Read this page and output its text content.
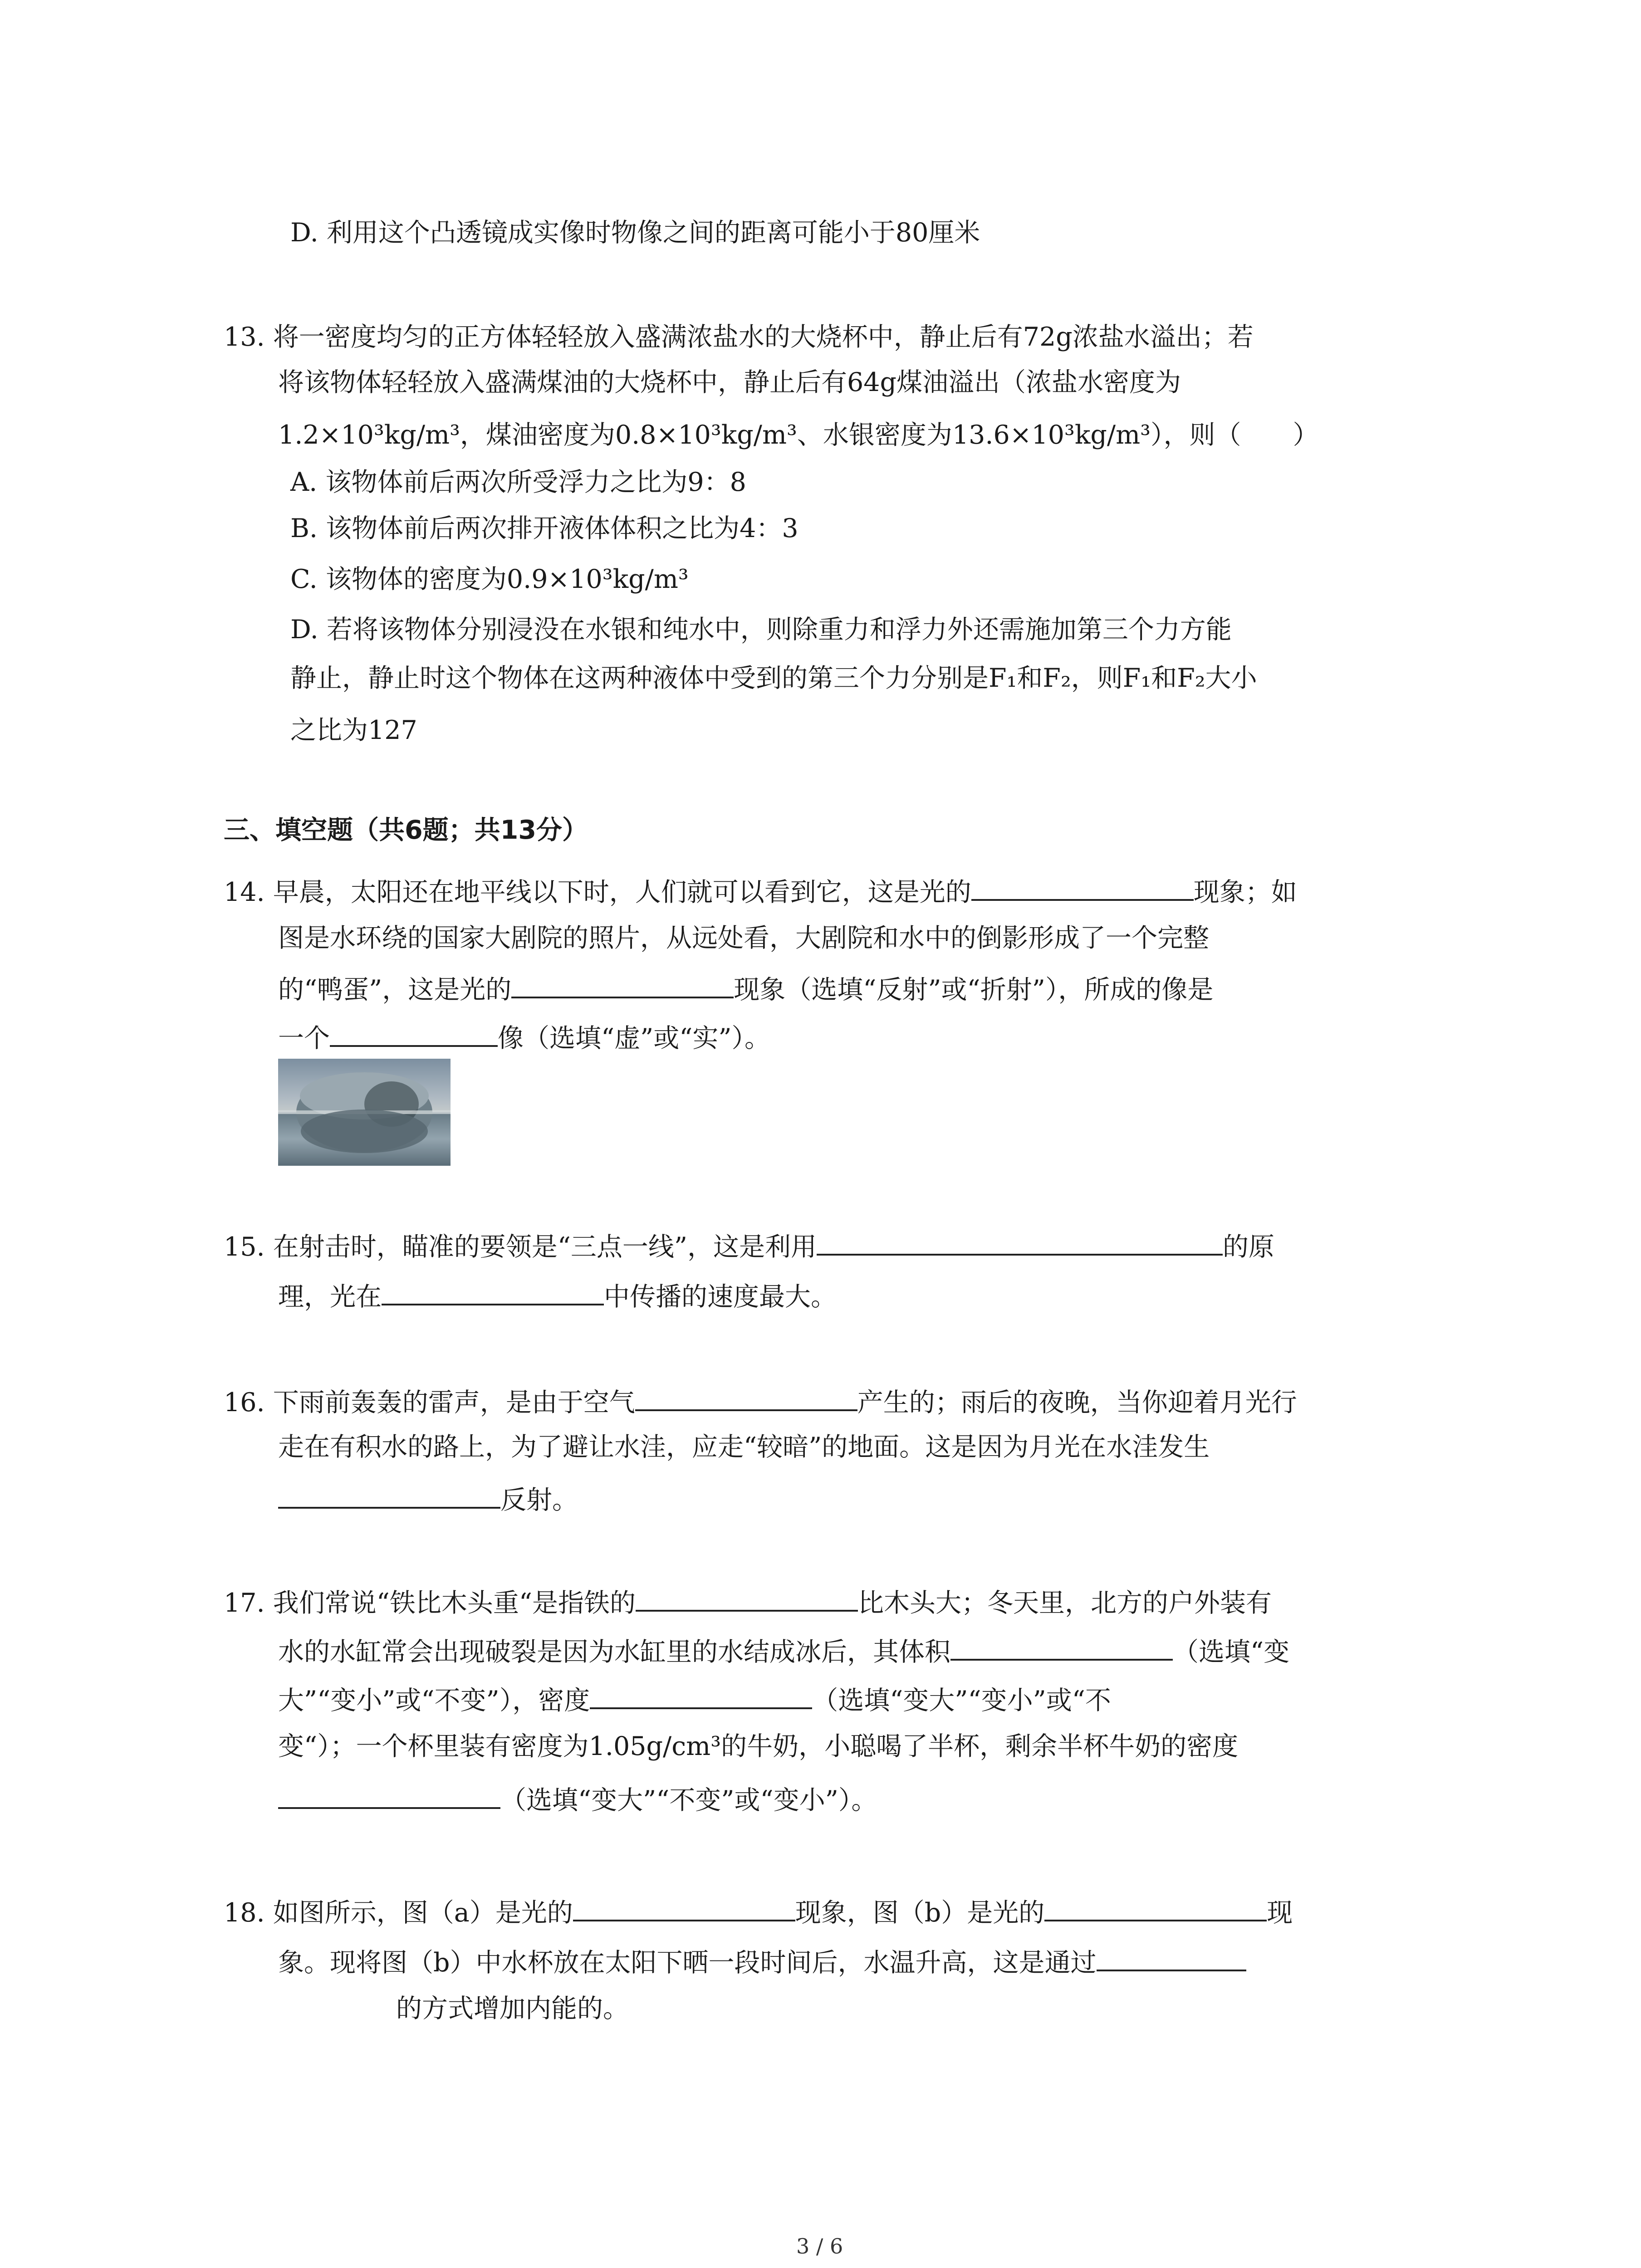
D. 利用这个凸透镜成实像时物像之间的距离可能小于80厘米
13. 将一密度均匀的正方体轻轻放入盛满浓盐水的大烧杯中，静止后有72g浓盐水溢出；若
将该物体轻轻放入盛满煤油的大烧杯中，静止后有64g煤油溢出（浓盐水密度为
1.2×10³kg/m³，煤油密度为0.8×10³kg/m³、水银密度为13.6×10³kg/m³），则（　　）
A. 该物体前后两次所受浮力之比为9：8
B. 该物体前后两次排开液体体积之比为4：3
C. 该物体的密度为0.9×10³kg/m³
D. 若将该物体分别浸没在水银和纯水中，则除重力和浮力外还需施加第三个力方能
静止，静止时这个物体在这两种液体中受到的第三个力分别是F₁和F₂，则F₁和F₂大小
之比为127
三、填空题（共6题；共13分）
14. 早晨，太阳还在地平线以下时，人们就可以看到它，这是光的	现象；如
图是水环绕的国家大剧院的照片，从远处看，大剧院和水中的倒影形成了一个完整
的“鸭蛋”，这是光的	现象（选填“反射”或“折射”），所成的像是
一个	像（选填“虚”或“实”）。
15. 在射击时，瞄准的要领是“三点一线”，这是利用	的原
理，光在	中传播的速度最大。
16. 下雨前轰轰的雷声，是由于空气	产生的；雨后的夜晚，当你迎着月光行
走在有积水的路上，为了避让水洼，应走“较暗”的地面。这是因为月光在水洼发生
反射。
17. 我们常说“铁比木头重“是指铁的	比木头大；冬天里，北方的户外装有
水的水缸常会出现破裂是因为水缸里的水结成冰后，其体积	（选填“变
大”“变小”或“不变”），密度	（选填“变大”“变小”或“不
变“）；一个杯里装有密度为1.05g/cm³的牛奶，小聪喝了半杯，剩余半杯牛奶的密度
（选填“变大”“不变”或“变小”）。
18. 如图所示，图（a）是光的	现象，图（b）是光的	现
象。现将图（b）中水杯放在太阳下晒一段时间后，水温升高，这是通过
的方式增加内能的。
3 / 6
